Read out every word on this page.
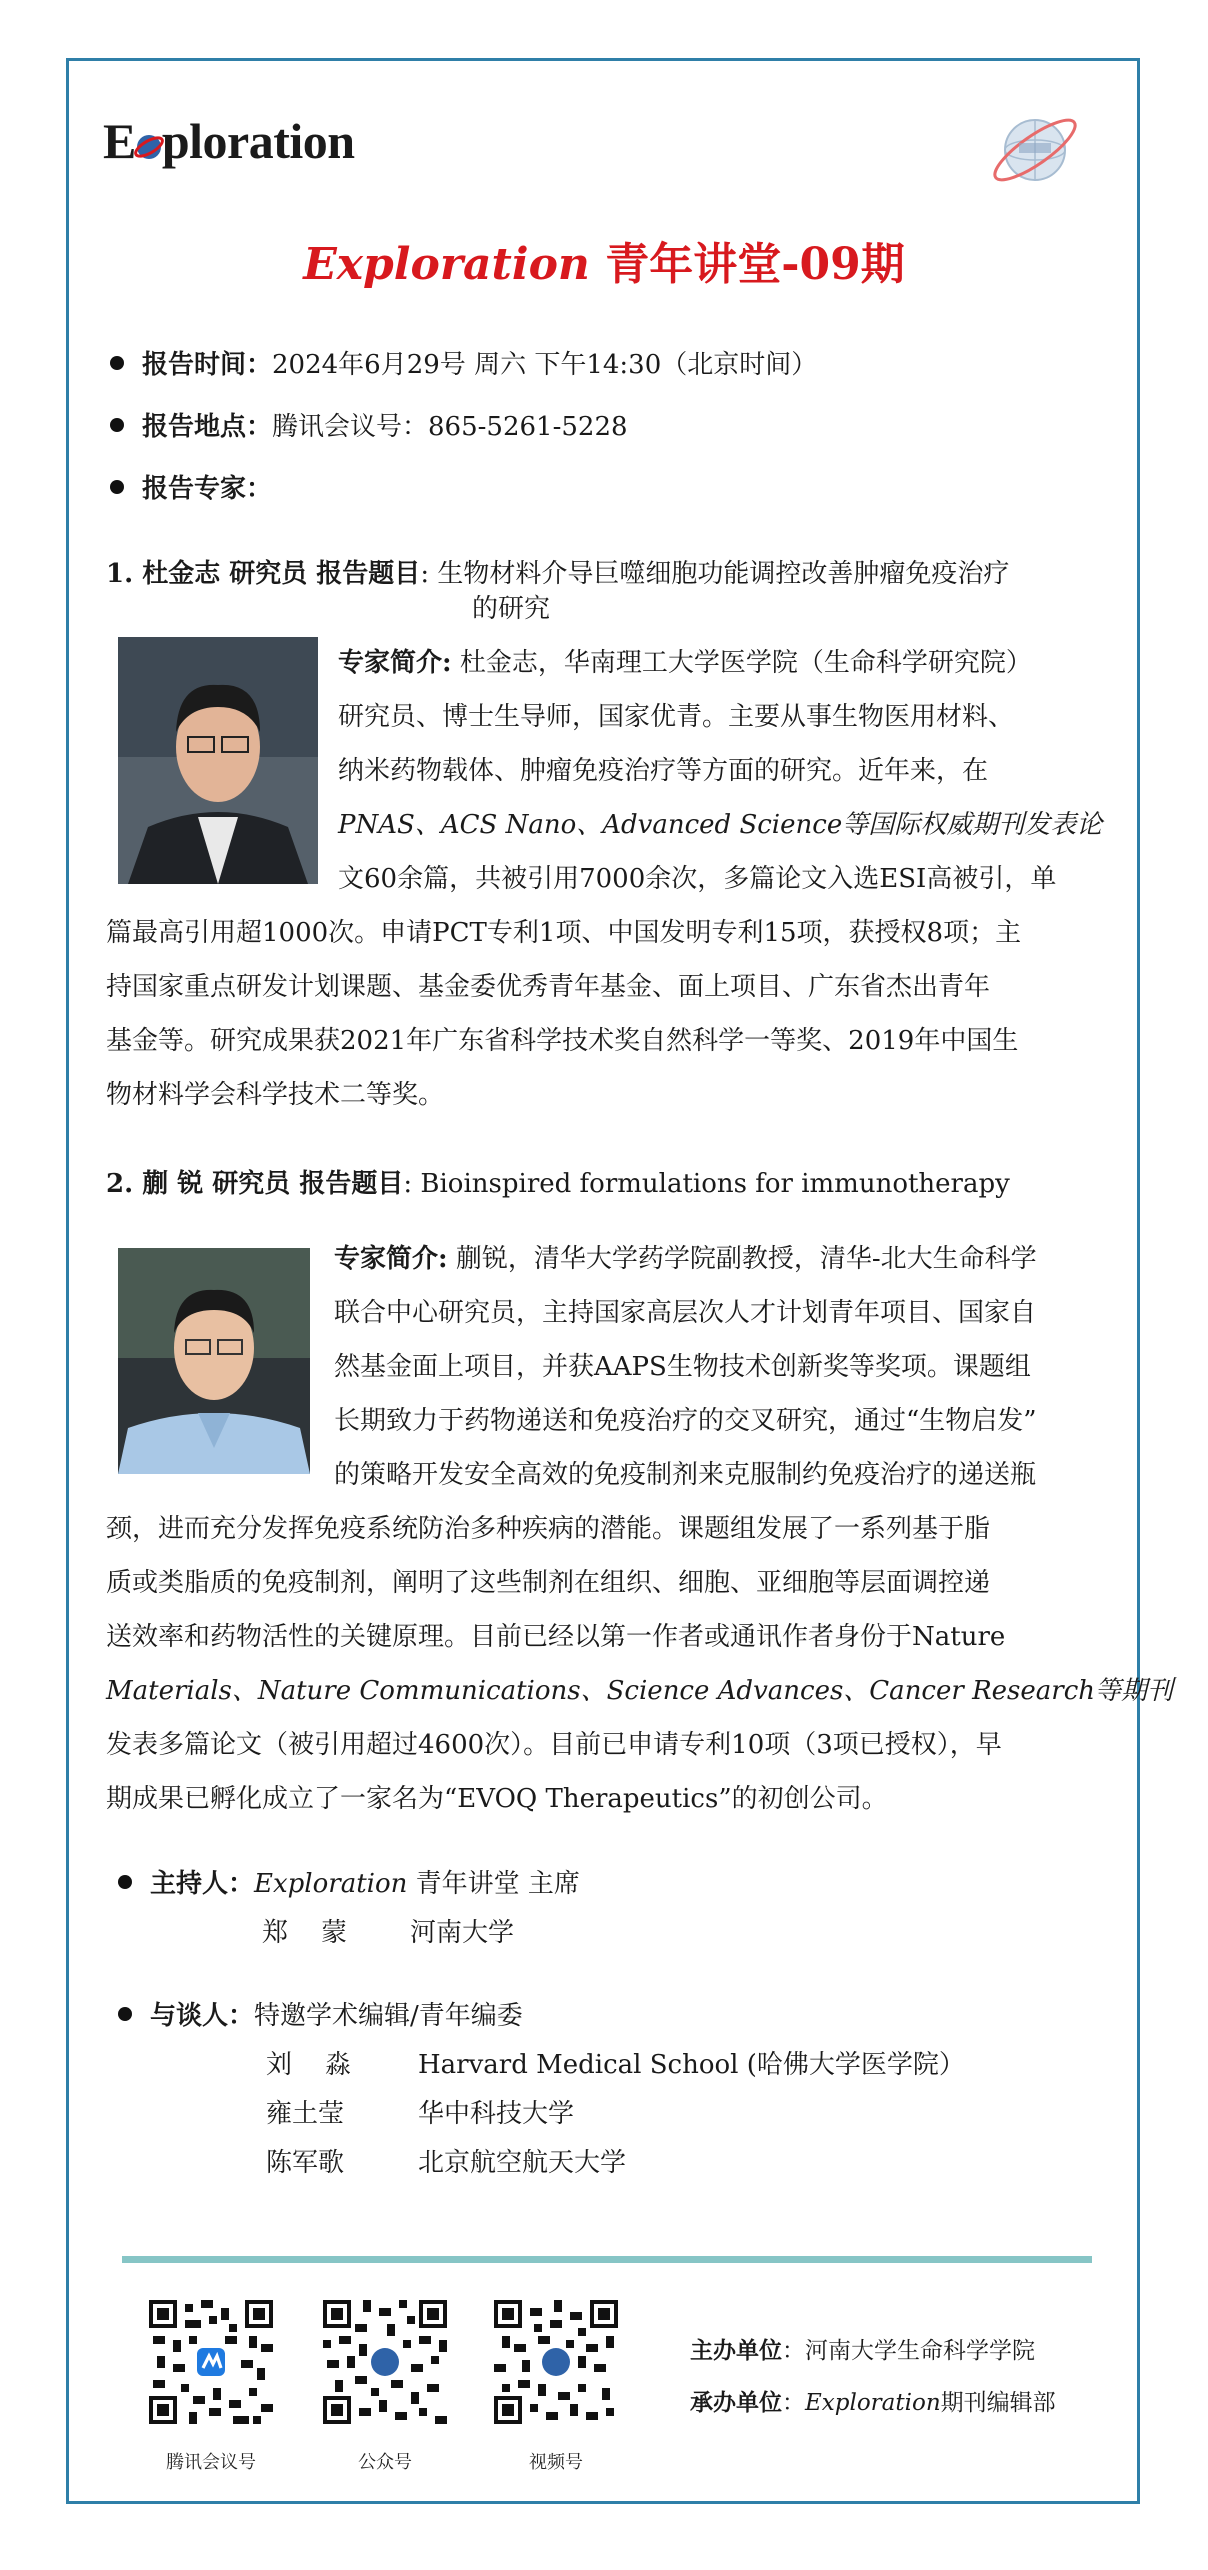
E ploration
Exploration 青年讲堂-09期
报告时间：2024年6月29号 周六 下午14:30（北京时间）
报告地点：腾讯会议号：865-5261-5228
报告专家：
1. 杜金志 研究员 报告题目: 生物材料介导巨噬细胞功能调控改善肿瘤免疫治疗
的研究
专家简介: 杜金志，华南理工大学医学院（生命科学研究院）
研究员、博士生导师，国家优青。主要从事生物医用材料、
纳米药物载体、肿瘤免疫治疗等方面的研究。近年来，在
PNAS、ACS Nano、Advanced Science等国际权威期刊发表论
文60余篇，共被引用7000余次，多篇论文入选ESI高被引，单
篇最高引用超1000次。申请PCT专利1项、中国发明专利15项，获授权8项；主
持国家重点研发计划课题、基金委优秀青年基金、面上项目、广东省杰出青年
基金等。研究成果获2021年广东省科学技术奖自然科学一等奖、2019年中国生
物材料学会科学技术二等奖。
2. 蒯 锐 研究员 报告题目: Bioinspired formulations for immunotherapy
专家简介: 蒯锐，清华大学药学院副教授，清华-北大生命科学
联合中心研究员，主持国家高层次人才计划青年项目、国家自
然基金面上项目，并获AAPS生物技术创新奖等奖项。课题组
长期致力于药物递送和免疫治疗的交叉研究，通过“生物启发”
的策略开发安全高效的免疫制剂来克服制约免疫治疗的递送瓶
颈，进而充分发挥免疫系统防治多种疾病的潜能。课题组发展了一系列基于脂
质或类脂质的免疫制剂，阐明了这些制剂在组织、细胞、亚细胞等层面调控递
送效率和药物活性的关键原理。目前已经以第一作者或通讯作者身份于Nature
Materials、Nature Communications、Science Advances、Cancer Research等期刊
发表多篇论文（被引用超过4600次）。目前已申请专利10项（3项已授权），早
期成果已孵化成立了一家名为“EVOQ Therapeutics”的初创公司。
主持人：Exploration 青年讲堂 主席
郑    蒙 河南大学
与谈人：特邀学术编辑/青年编委
刘    淼	Harvard Medical School (哈佛大学医学院）
雍土莹	华中科技大学
陈军歌	北京航空航天大学
腾讯会议号	公众号	视频号
主办单位：河南大学生命科学学院
承办单位：Exploration期刊编辑部
